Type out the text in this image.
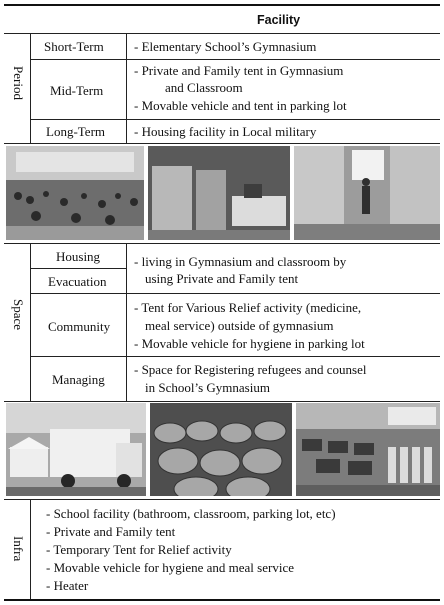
Facility
Period
Short-Term - Elementary School’s Gymnasium
Mid-Term
- Private and Family tent in Gymnasium
and Classroom
- Movable vehicle and tent in parking lot
Long-Term - Housing facility in Local military
Space
Housing
Evacuation
- living in Gymnasium and classroom by
using Private and Family tent
Community
- Tent for Various Relief activity (medicine,
meal service) outside of gymnasium
- Movable vehicle for hygiene in parking lot
Managing
- Space for Registering refugees and counsel
in School’s Gymnasium
Infra
- School facility (bathroom, classroom, parking lot, etc)
- Private and Family tent
- Temporary Tent for Relief activity
- Movable vehicle for hygiene and meal service
- Heater
